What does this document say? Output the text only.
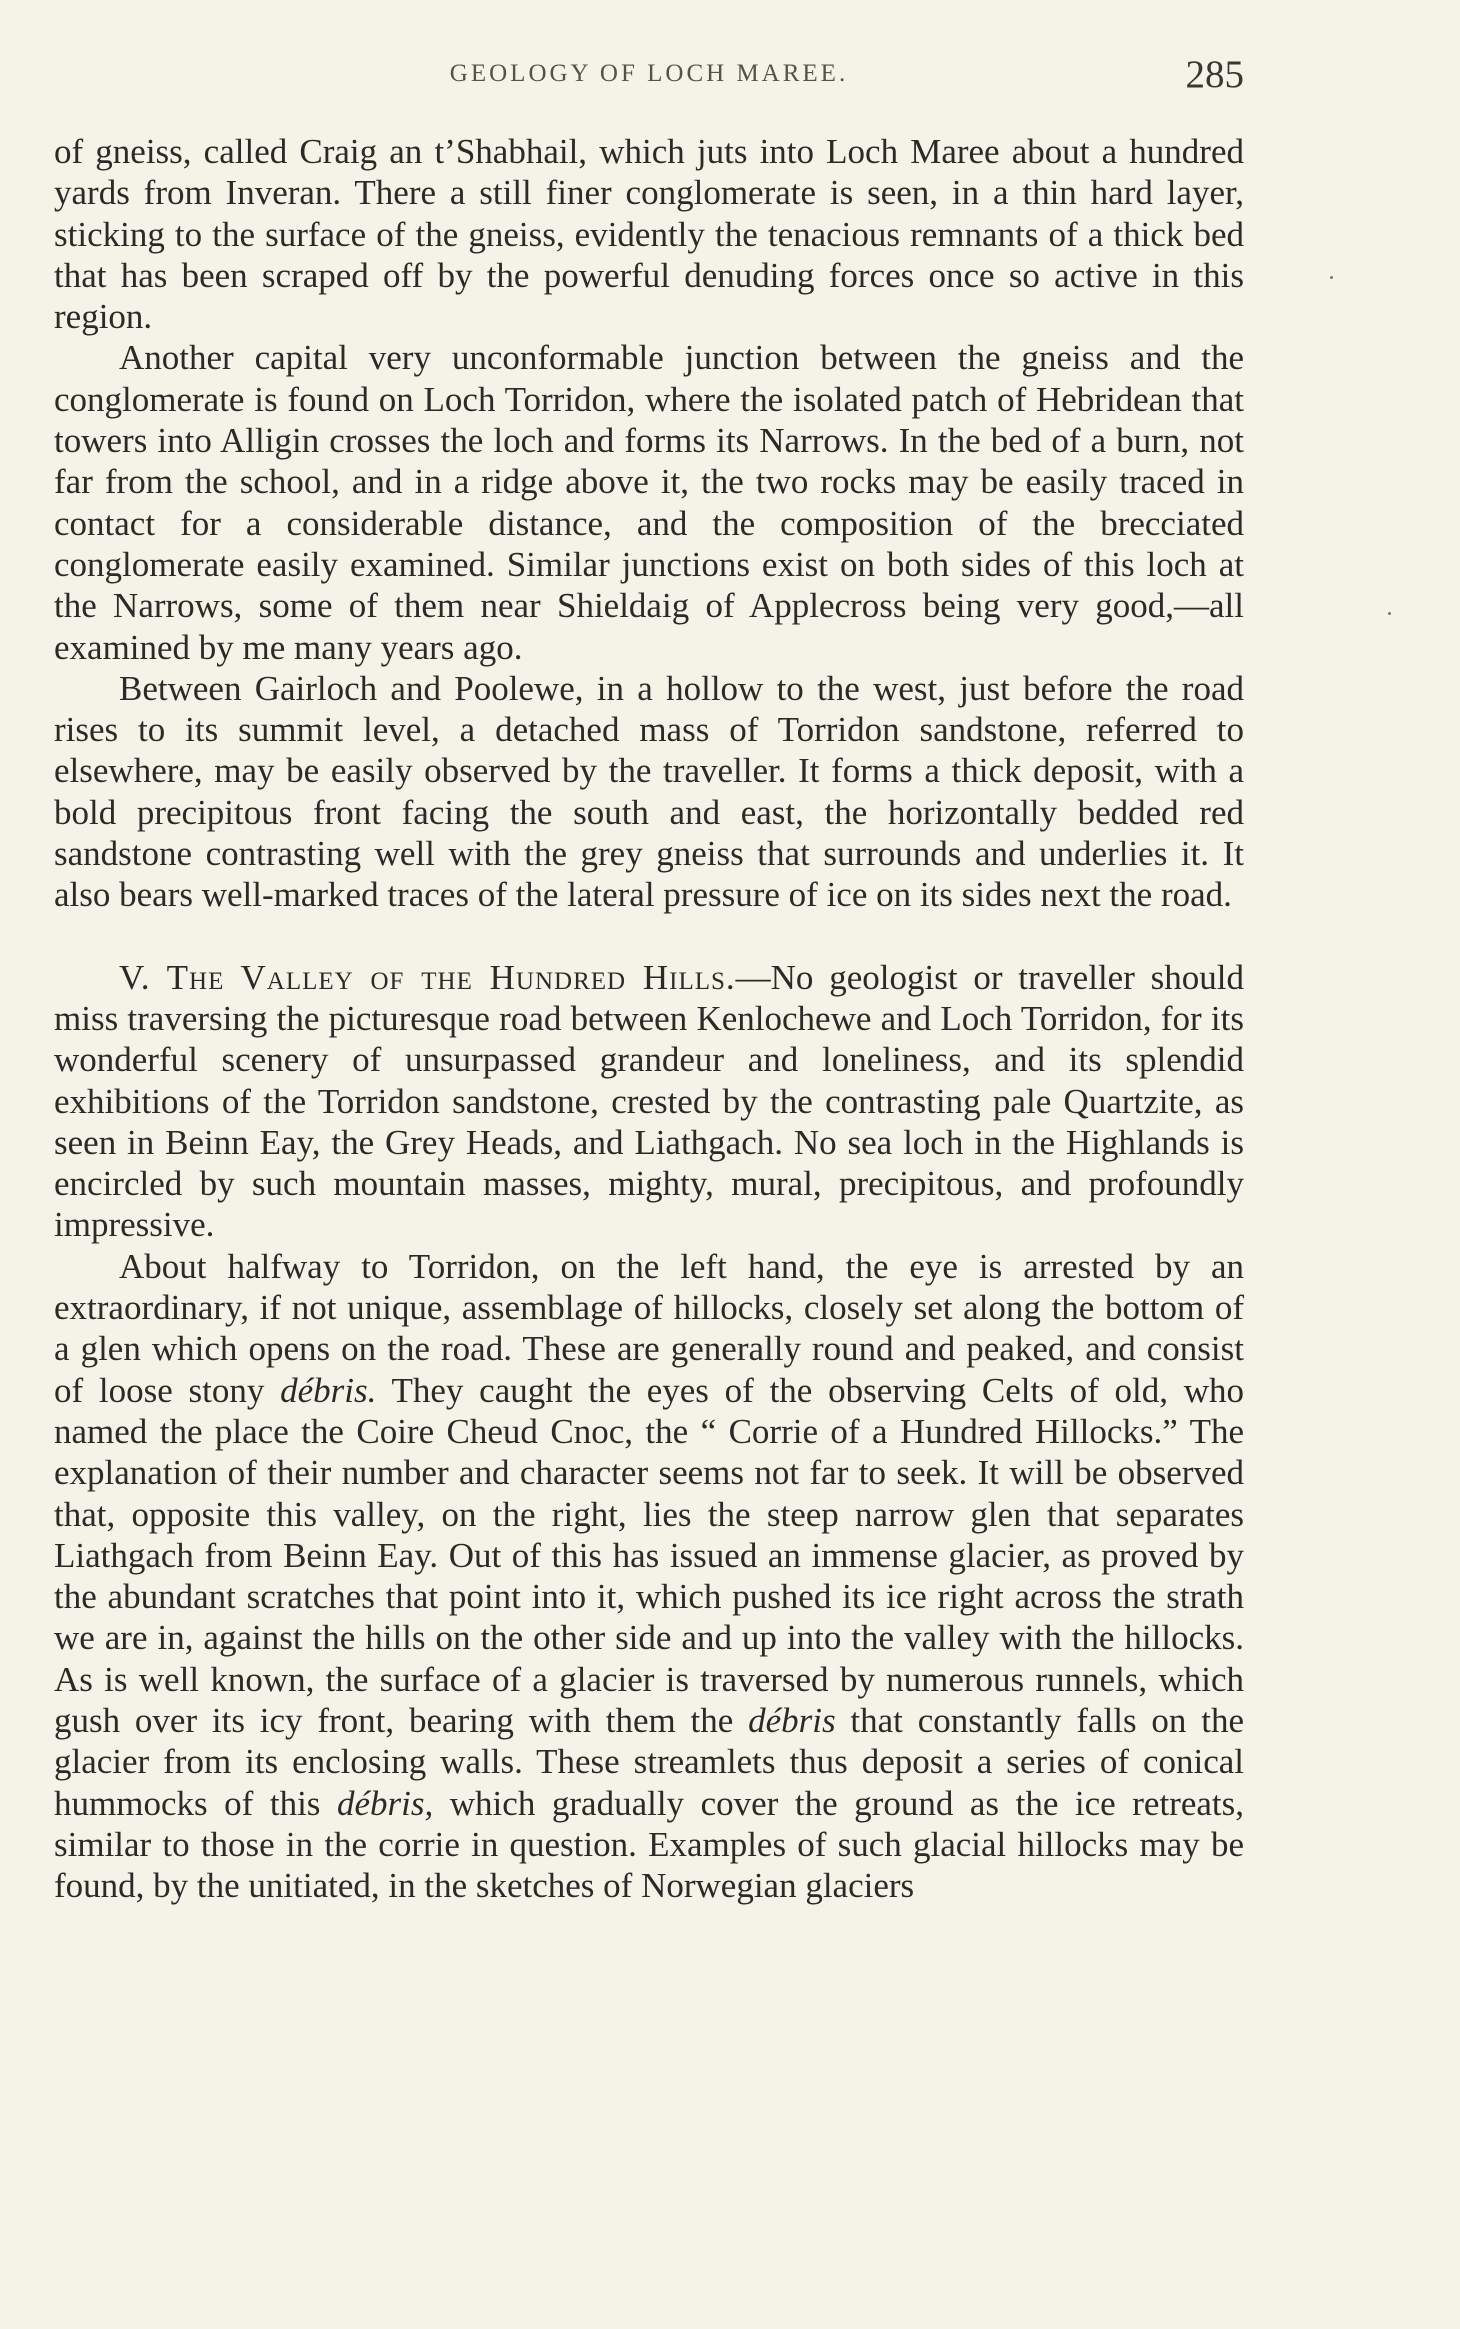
GEOLOGY OF LOCH MAREE.	285

of gneiss, called Craig an t’Shabhail, which juts into Loch Maree about a hundred yards from Inveran. There a still finer conglomerate is seen, in a thin hard layer, sticking to the surface of the gneiss, evidently the tenacious remnants of a thick bed that has been scraped off by the powerful denuding forces once so active in this region.

Another capital very unconformable junction between the gneiss and the conglomerate is found on Loch Torridon, where the isolated patch of Hebridean that towers into Alligin crosses the loch and forms its Narrows. In the bed of a burn, not far from the school, and in a ridge above it, the two rocks may be easily traced in contact for a considerable distance, and the composition of the brecciated conglomerate easily examined. Similar junctions exist on both sides of this loch at the Narrows, some of them near Shieldaig of Applecross being very good,—all examined by me many years ago.

Between Gairloch and Poolewe, in a hollow to the west, just before the road rises to its summit level, a detached mass of Torridon sandstone, referred to elsewhere, may be easily observed by the traveller. It forms a thick deposit, with a bold precipitous front facing the south and east, the horizontally bedded red sandstone contrasting well with the grey gneiss that surrounds and underlies it. It also bears well-marked traces of the lateral pressure of ice on its sides next the road.

V. The Valley of the Hundred Hills.—No geologist or traveller should miss traversing the picturesque road between Kenlochewe and Loch Torridon, for its wonderful scenery of unsurpassed grandeur and loneliness, and its splendid exhibitions of the Torridon sandstone, crested by the contrasting pale Quartzite, as seen in Beinn Eay, the Grey Heads, and Liathgach. No sea loch in the Highlands is encircled by such mountain masses, mighty, mural, precipitous, and profoundly impressive.

About halfway to Torridon, on the left hand, the eye is arrested by an extraordinary, if not unique, assemblage of hillocks, closely set along the bottom of a glen which opens on the road. These are generally round and peaked, and consist of loose stony débris. They caught the eyes of the observing Celts of old, who named the place the Coire Cheud Cnoc, the “ Corrie of a Hundred Hillocks.” The explanation of their number and character seems not far to seek. It will be observed that, opposite this valley, on the right, lies the steep narrow glen that separates Liathgach from Beinn Eay. Out of this has issued an immense glacier, as proved by the abundant scratches that point into it, which pushed its ice right across the strath we are in, against the hills on the other side and up into the valley with the hillocks. As is well known, the surface of a glacier is traversed by numerous runnels, which gush over its icy front, bearing with them the débris that constantly falls on the glacier from its enclosing walls. These streamlets thus deposit a series of conical hummocks of this débris, which gradually cover the ground as the ice retreats, similar to those in the corrie in question. Examples of such glacial hillocks may be found, by the unitiated, in the sketches of Norwegian glaciers
